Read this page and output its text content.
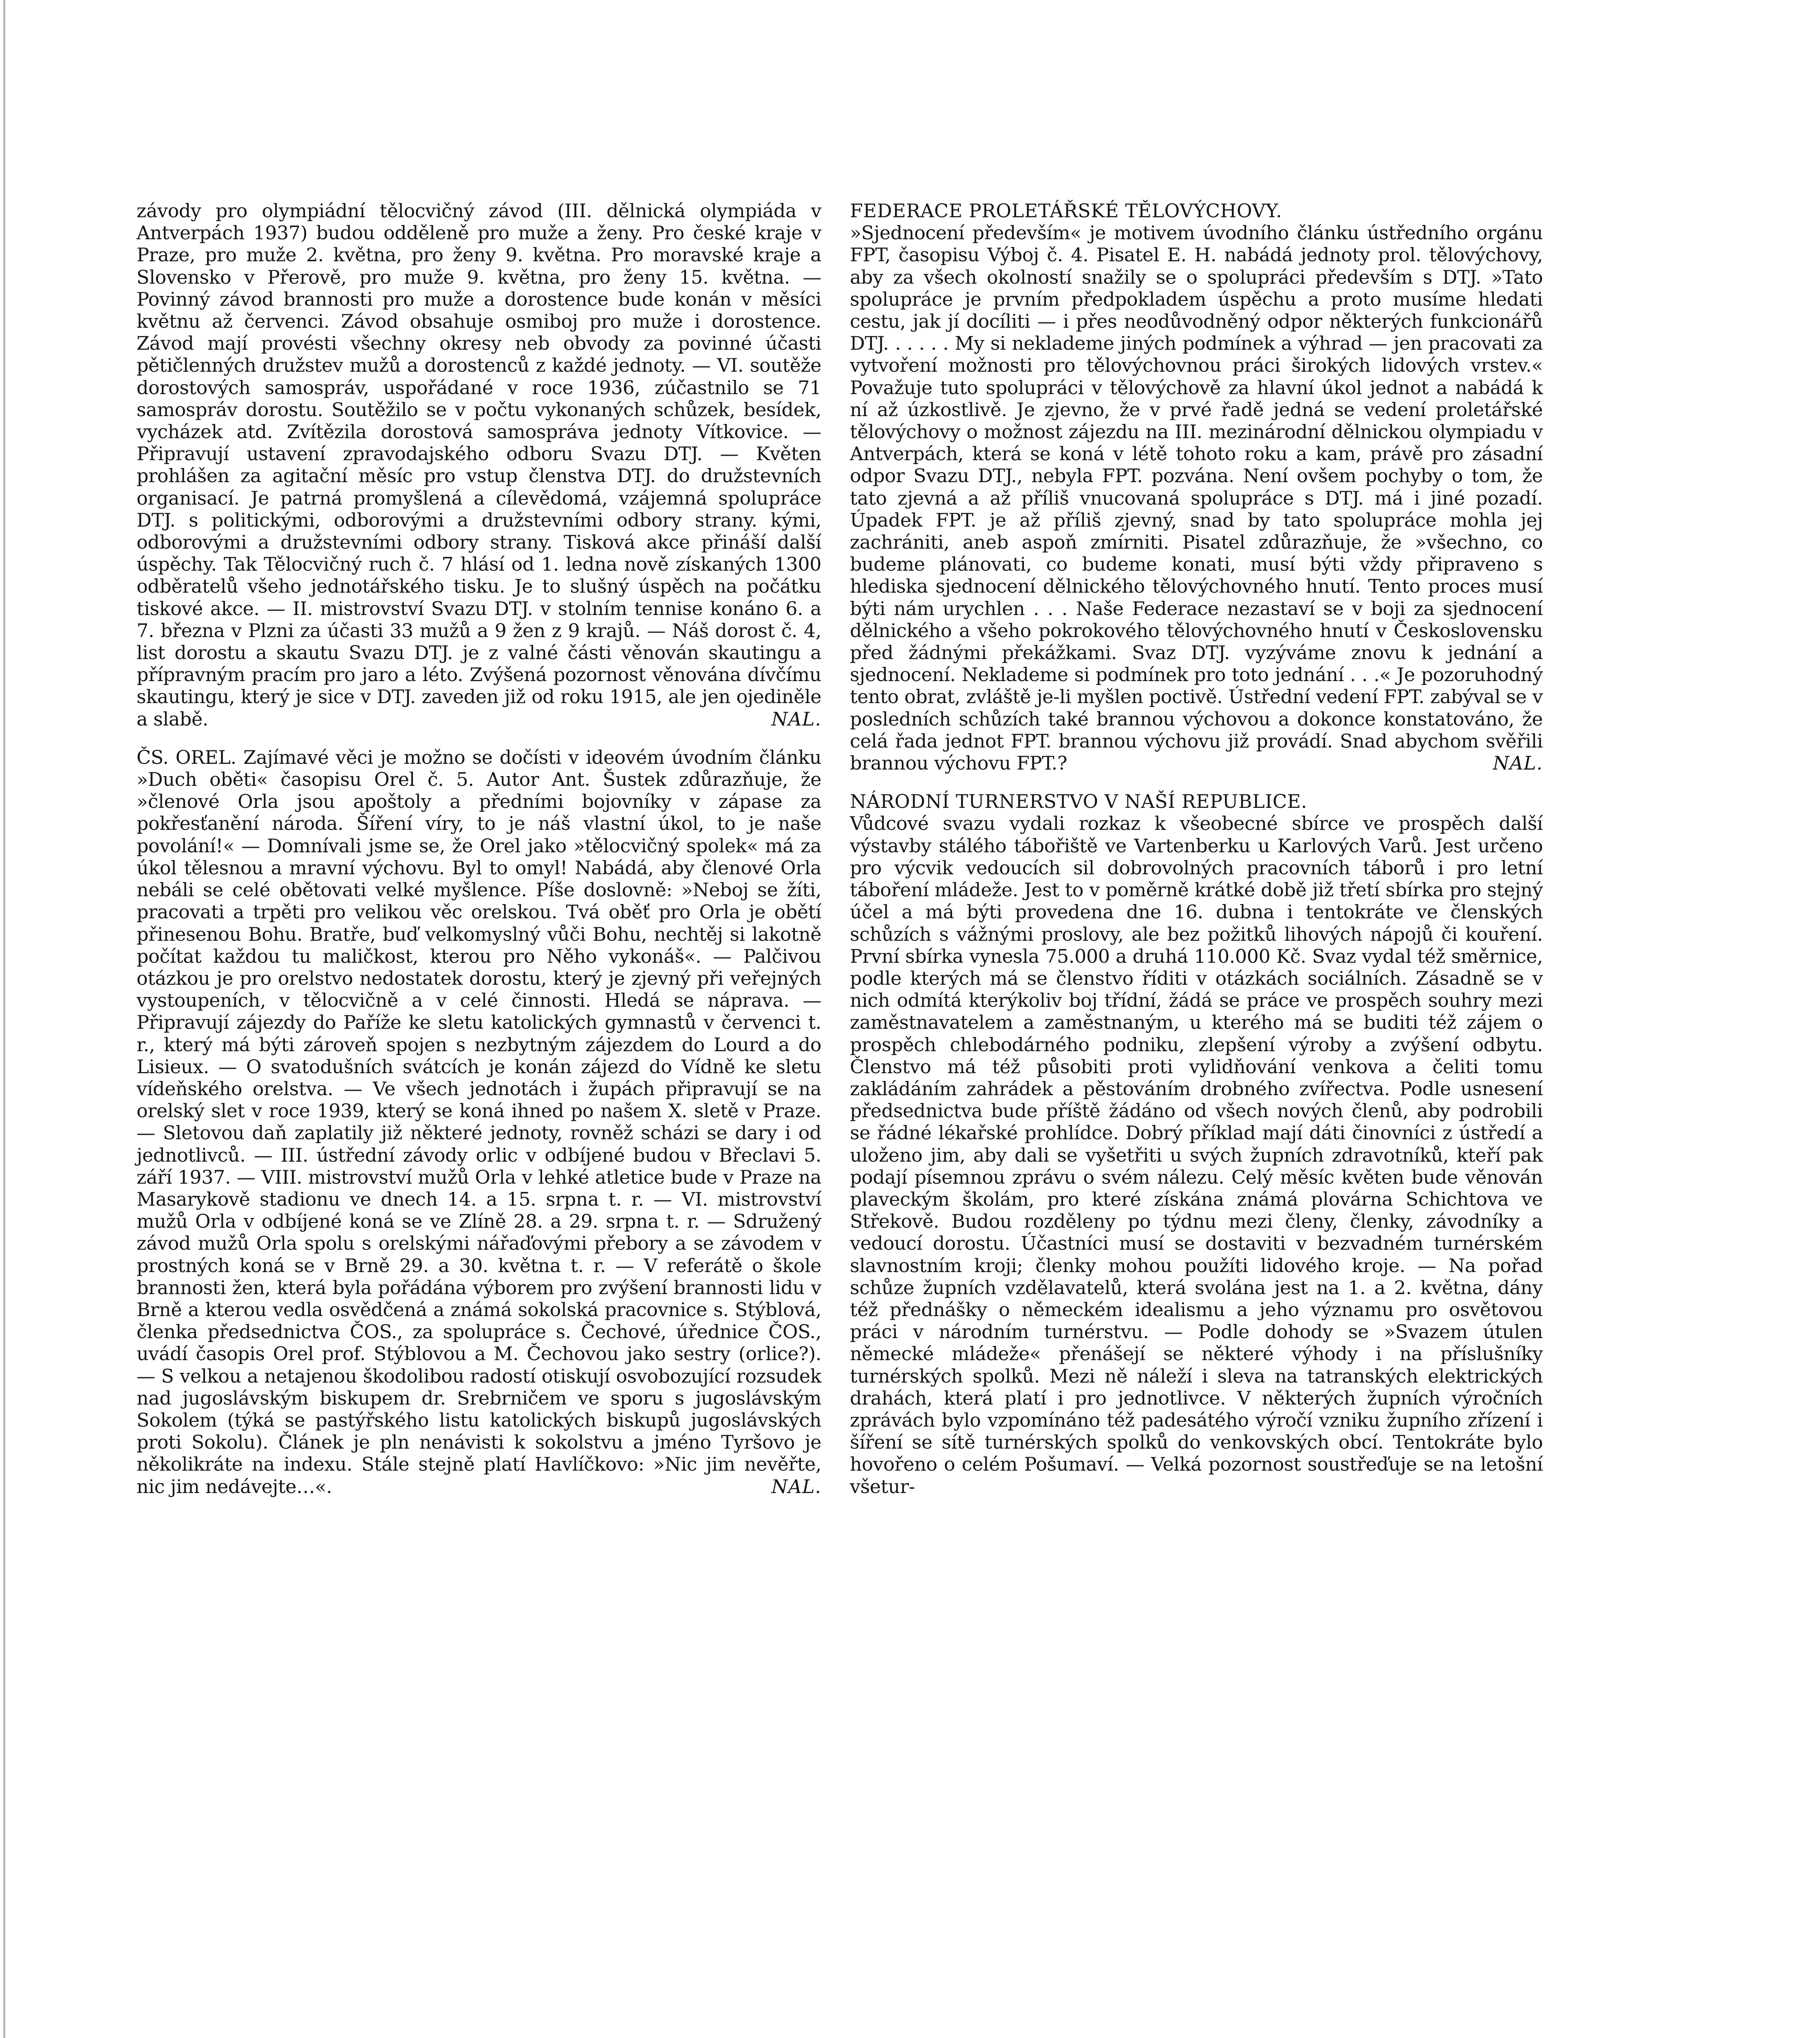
závody pro olympiádní tělocvičný závod (III. dělnická olympiáda v Antverpách 1937) budou odděleně pro muže a ženy. Pro české kraje v Praze, pro muže 2. května, pro ženy 9. května. Pro moravské kraje a Slovensko v Přerově, pro muže 9. května, pro ženy 15. května. — Povinný závod brannosti pro muže a dorostence bude konán v měsíci květnu až červenci. Závod obsahuje osmiboj pro muže i dorostence. Závod mají provésti všechny okresy neb obvody za povinné účasti pětičlenných družstev mužů a dorostenců z každé jednoty. — VI. soutěže dorostových samospráv, uspořádané v roce 1936, zúčastnilo se 71 samospráv dorostu. Soutěžilo se v počtu vykonaných schůzek, besídek, vycházek atd. Zvítězila dorostová samospráva jednoty Vítkovice. — Připravují ustavení zpravodajského odboru Svazu DTJ. — Květen prohlášen za agitační měsíc pro vstup členstva DTJ. do družstevních organisací. Je patrná promyšlená a cílevědomá, vzájemná spolupráce DTJ. s politickými, odborovými a družstevními odbory strany. kými, odborovými a družstevními odbory strany. Tisková akce přináší další úspěchy. Tak Tělocvičný ruch č. 7 hlásí od 1. ledna nově získaných 1300 odběratelů všeho jednotářského tisku. Je to slušný úspěch na počátku tiskové akce. — II. mistrovství Svazu DTJ. v stolním tennise konáno 6. a 7. března v Plzni za účasti 33 mužů a 9 žen z 9 krajů. — Náš dorost č. 4, list dorostu a skautu Svazu DTJ. je z valné části věnován skautingu a přípravným pracím pro jaro a léto. Zvýšená pozornost věnována dívčímu skautingu, který je sice v DTJ. zaveden již od roku 1915, ale jen ojediněle a slabě.	NAL.

ČS. OREL. Zajímavé věci je možno se dočísti v ideovém úvodním článku »Duch oběti« časopisu Orel č. 5. Autor Ant. Šustek zdůrazňuje, že »členové Orla jsou apoštoly a předními bojovníky v zápase za pokřesťanění národa. Šíření víry, to je náš vlastní úkol, to je naše povolání!« — Domnívali jsme se, že Orel jako »tělocvičný spolek« má za úkol tělesnou a mravní výchovu. Byl to omyl! Nabádá, aby členové Orla nebáli se celé obětovati velké myšlence. Píše doslovně: »Neboj se žíti, pracovati a trpěti pro velikou věc orelskou. Tvá oběť pro Orla je obětí přinesenou Bohu. Bratře, buď velkomyslný vůči Bohu, nechtěj si lakotně počítat každou tu maličkost, kterou pro Něho vykonáš«. — Palčivou otázkou je pro orelstvo nedostatek dorostu, který je zjevný při veřejných vystoupeních, v tělocvičně a v celé činnosti. Hledá se náprava. — Připravují zájezdy do Paříže ke sletu katolických gymnastů v červenci t. r., který má býti zároveň spojen s nezbytným zájezdem do Lourd a do Lisieux. — O svatodušních svátcích je konán zájezd do Vídně ke sletu vídeňského orelstva. — Ve všech jednotách i župách připravují se na orelský slet v roce 1939, který se koná ihned po našem X. sletě v Praze. — Sletovou daň zaplatily již některé jednoty, rovněž scházi se dary i od jednotlivců. — III. ústřední závody orlic v odbíjené budou v Břeclavi 5. září 1937. — VIII. mistrovství mužů Orla v lehké atletice bude v Praze na Masarykově stadionu ve dnech 14. a 15. srpna t. r. — VI. mistrovství mužů Orla v odbíjené koná se ve Zlíně 28. a 29. srpna t. r. — Sdružený závod mužů Orla spolu s orelskými nářaďovými přebory a se závodem v prostných koná se v Brně 29. a 30. května t. r. — V referátě o škole brannosti žen, která byla pořádána výborem pro zvýšení brannosti lidu v Brně a kterou vedla osvědčená a známá sokolská pracovnice s. Stýblová, členka předsednictva ČOS., za spolupráce s. Čechové, úřednice ČOS., uvádí časopis Orel prof. Stýblovou a M. Čechovou jako sestry (orlice?). — S velkou a netajenou škodolibou radostí otiskují osvobozující rozsudek nad jugoslávským biskupem dr. Srebrničem ve sporu s jugoslávským Sokolem (týká se pastýřského listu katolických biskupů jugoslávských proti Sokolu). Článek je pln nenávisti k sokolstvu a jméno Tyršovo je několikráte na indexu. Stále stejně platí Havlíčkovo: »Nic jim nevěřte, nic jim nedávejte…«.	NAL.

FEDERACE PROLETÁŘSKÉ TĚLOVÝCHOVY.

»Sjednocení především« je motivem úvodního článku ústředního orgánu FPT, časopisu Výboj č. 4. Pisatel E. H. nabádá jednoty prol. tělovýchovy, aby za všech okolností snažily se o spolupráci především s DTJ. »Tato spolupráce je prvním předpokladem úspěchu a proto musíme hledati cestu, jak jí docíliti — i přes neodůvodněný odpor některých funkcionářů DTJ. . . . . . My si neklademe jiných podmínek a výhrad — jen pracovati za vytvoření možnosti pro tělovýchovnou práci širokých lidových vrstev.« Považuje tuto spolupráci v tělovýchově za hlavní úkol jednot a nabádá k ní až úzkostlivě. Je zjevno, že v prvé řadě jedná se vedení proletářské tělovýchovy o možnost zájezdu na III. mezinárodní dělnickou olympiadu v Antverpách, která se koná v létě tohoto roku a kam, právě pro zásadní odpor Svazu DTJ., nebyla FPT. pozvána. Není ovšem pochyby o tom, že tato zjevná a až příliš vnucovaná spolupráce s DTJ. má i jiné pozadí. Úpadek FPT. je až příliš zjevný, snad by tato spolupráce mohla jej zachrániti, aneb aspoň zmírniti. Pisatel zdůrazňuje, že »všechno, co budeme plánovati, co budeme konati, musí býti vždy připraveno s hlediska sjednocení dělnického tělovýchovného hnutí. Tento proces musí býti nám urychlen . . . Naše Federace nezastaví se v boji za sjednocení dělnického a všeho pokrokového tělovýchovného hnutí v Československu před žádnými překážkami. Svaz DTJ. vyzýváme znovu k jednání a sjednocení. Neklademe si podmínek pro toto jednání . . .« Je pozoruhodný tento obrat, zvláště je-li myšlen poctivě. Ústřední vedení FPT. zabýval se v posledních schůzích také brannou výchovou a dokonce konstatováno, že celá řada jednot FPT. brannou výchovu již provádí. Snad abychom svěřili brannou výchovu FPT.?	NAL.

NÁRODNÍ TURNERSTVO V NAŠÍ REPUBLICE.

Vůdcové svazu vydali rozkaz k všeobecné sbírce ve prospěch další výstavby stálého tábořiště ve Vartenberku u Karlových Varů. Jest určeno pro výcvik vedoucích sil dobrovolných pracovních táborů i pro letní táboření mládeže. Jest to v poměrně krátké době již třetí sbírka pro stejný účel a má býti provedena dne 16. dubna i tentokráte ve členských schůzích s vážnými proslovy, ale bez požitků lihových nápojů či kouření. První sbírka vynesla 75.000 a druhá 110.000 Kč. Svaz vydal též směrnice, podle kterých má se členstvo říditi v otázkách sociálních. Zásadně se v nich odmítá kterýkoliv boj třídní, žádá se práce ve prospěch souhry mezi zaměstnavatelem a zaměstnaným, u kterého má se buditi též zájem o prospěch chlebodárného podniku, zlepšení výroby a zvýšení odbytu. Členstvo má též působiti proti vylidňování venkova a čeliti tomu zakládáním zahrádek a pěstováním drobného zvířectva. Podle usnesení předsednictva bude příště žádáno od všech nových členů, aby podrobili se řádné lékařské prohlídce. Dobrý příklad mají dáti činovníci z ústředí a uloženo jim, aby dali se vyšetřiti u svých župních zdravotníků, kteří pak podají písemnou zprávu o svém nálezu. Celý měsíc květen bude věnován plaveckým školám, pro které získána známá plovárna Schichtova ve Střekově. Budou rozděleny po týdnu mezi členy, členky, závodníky a vedoucí dorostu. Účastníci musí se dostaviti v bezvadném turnérském slavnostním kroji; členky mohou použíti lidového kroje. — Na pořad schůze župních vzdělavatelů, která svolána jest na 1. a 2. května, dány též přednášky o německém idealismu a jeho významu pro osvětovou práci v národním turnérstvu. — Podle dohody se »Svazem útulen německé mládeže« přenášejí se některé výhody i na příslušníky turnérských spolků. Mezi ně náleží i sleva na tatranských elektrických drahách, která platí i pro jednotlivce. V některých župních výročních zprávách bylo vzpomínáno též padesátého výročí vzniku župního zřízení i šíření se sítě turnérských spolků do venkovských obcí. Tentokráte bylo hovořeno o celém Pošumaví. — Velká pozornost soustřeďuje se na letošní všetur-
